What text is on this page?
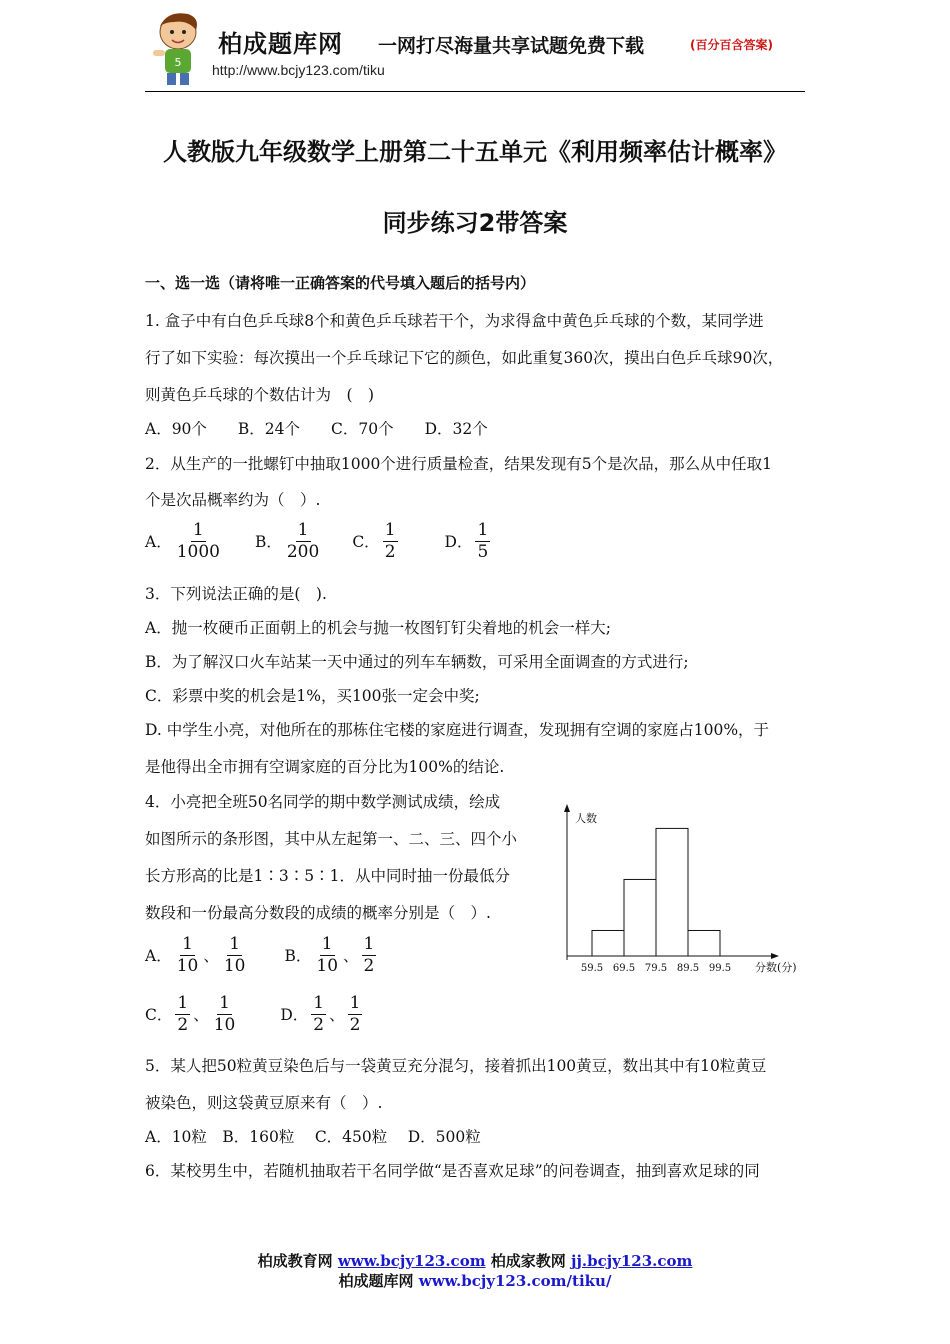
5
柏成题库网 一网打尽海量共享试题免费下载	(百分百含答案)
http://www.bcjy123.com/tiku
人教版九年级数学上册第二十五单元《利用频率估计概率》
同步练习2带答案
一、选一选（请将唯一正确答案的代号填入题后的括号内）
1. 盒子中有白色乒乓球8个和黄色乒乓球若干个，为求得盒中黄色乒乓球的个数，某同学进
行了如下实验：每次摸出一个乒乓球记下它的颜色，如此重复360次，摸出白色乒乓球90次，
则黄色乒乓球的个数估计为　(　)
A．90个　　B．24个　　C．70个　　D．32个
2．从生产的一批螺钉中抽取1000个进行质量检查，结果发现有5个是次品，那么从中任取1
个是次品概率约为（　）.
A． $\frac{1}{1000}$ B． $\frac{1}{200}$ C． $\frac{1}{2}$	D． $\frac{1}{5}$
3．下列说法正确的是(　).
A．抛一枚硬币正面朝上的机会与抛一枚图钉钉尖着地的机会一样大;
B．为了解汉口火车站某一天中通过的列车车辆数，可采用全面调查的方式进行;
C．彩票中奖的机会是1%，买100张一定会中奖;
D. 中学生小亮，对他所在的那栋住宅楼的家庭进行调查，发现拥有空调的家庭占100%，于
是他得出全市拥有空调家庭的百分比为100%的结论.
4．小亮把全班50名同学的期中数学测试成绩，绘成
如图所示的条形图，其中从左起第一、二、三、四个小
长方形高的比是1∶3∶5∶1．从中同时抽一份最低分
数段和一份最高分数段的成绩的概率分别是（　）.
A． $\frac{1}{10}$ 、 $\frac{1}{10}$ B． $\frac{1}{10}$ 、 $\frac{1}{2}$
C． $\frac{1}{2}$ 、 $\frac{1}{10}$	D． $\frac{1}{2}$ 、 $\frac{1}{2}$
59.5 69.5 79.5 89.5 99.5
人数
分数(分)
5．某人把50粒黄豆染色后与一袋黄豆充分混匀，接着抓出100黄豆，数出其中有10粒黄豆
被染色，则这袋黄豆原来有（　）.
A．10粒　B．160粒　 C．450粒　 D．500粒
6．某校男生中，若随机抽取若干名同学做“是否喜欢足球”的问卷调查，抽到喜欢足球的同
柏成教育网 www.bcjy123.com 柏成家教网 jj.bcjy123.com
柏成题库网 www.bcjy123.com/tiku/
